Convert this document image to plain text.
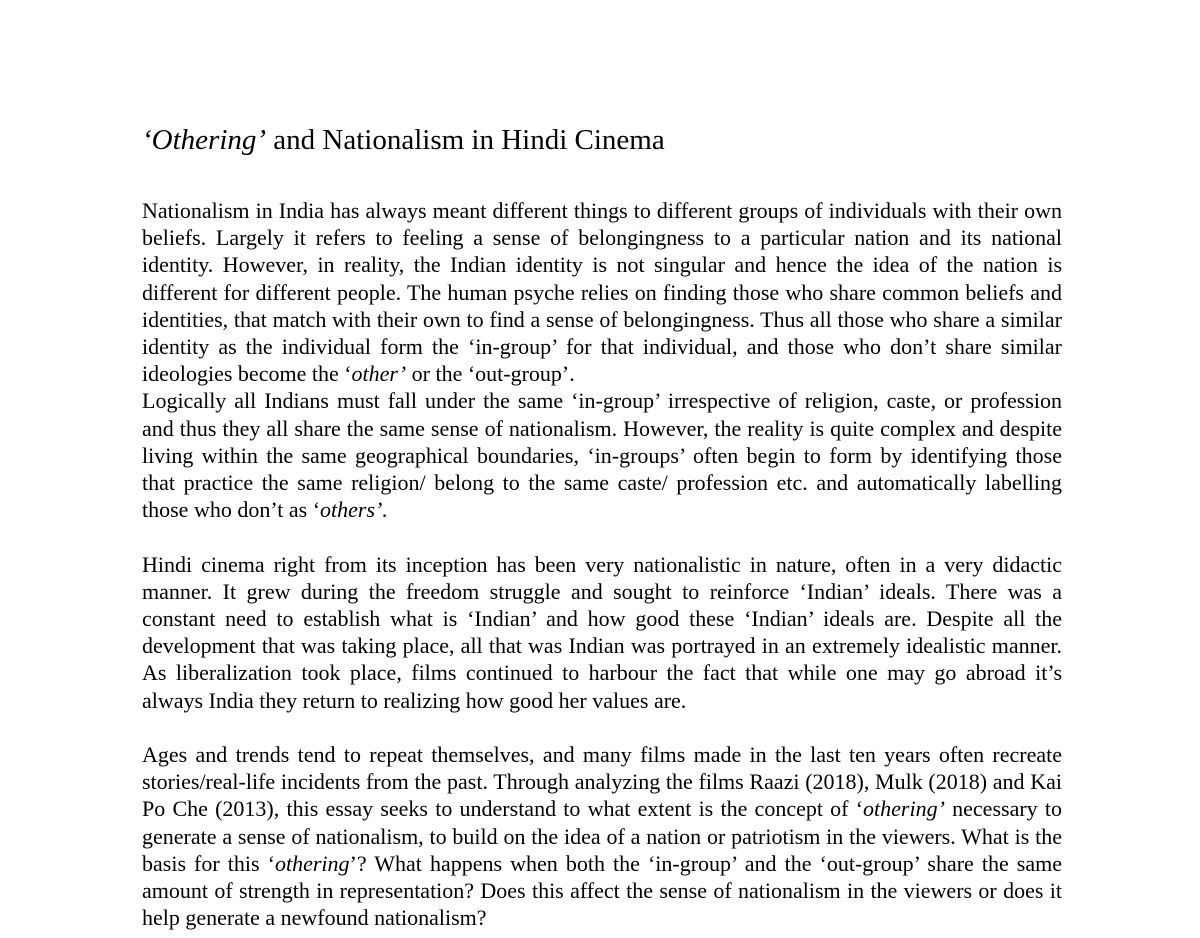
‘Othering’ and Nationalism in Hindi Cinema

Nationalism in India has always meant different things to different groups of individuals with their own beliefs. Largely it refers to feeling a sense of belongingness to a particular nation and its national identity. However, in reality, the Indian identity is not singular and hence the idea of the nation is different for different people. The human psyche relies on finding those who share common beliefs and identities, that match with their own to find a sense of belongingness. Thus all those who share a similar identity as the individual form the ‘in-group’ for that individual, and those who don’t share similar ideologies become the ‘other’ or the ‘out-group’.

Logically all Indians must fall under the same ‘in-group’ irrespective of religion, caste, or profession and thus they all share the same sense of nationalism. However, the reality is quite complex and despite living within the same geographical boundaries, ‘in-groups’ often begin to form by identifying those that practice the same religion/ belong to the same caste/ profession etc. and automatically labelling those who don’t as ‘others’.

Hindi cinema right from its inception has been very nationalistic in nature, often in a very didactic manner. It grew during the freedom struggle and sought to reinforce ‘Indian’ ideals. There was a constant need to establish what is ‘Indian’ and how good these ‘Indian’ ideals are. Despite all the development that was taking place, all that was Indian was portrayed in an extremely idealistic manner. As liberalization took place, films continued to harbour the fact that while one may go abroad it’s always India they return to realizing how good her values are.

Ages and trends tend to repeat themselves, and many films made in the last ten years often recreate stories/real-life incidents from the past. Through analyzing the films Raazi (2018), Mulk (2018) and Kai Po Che (2013), this essay seeks to understand to what extent is the concept of ‘othering’ necessary to generate a sense of nationalism, to build on the idea of a nation or patriotism in the viewers. What is the basis for this ‘othering’? What happens when both the ‘in-group’ and the ‘out-group’ share the same amount of strength in representation? Does this affect the sense of nationalism in the viewers or does it help generate a newfound nationalism?
